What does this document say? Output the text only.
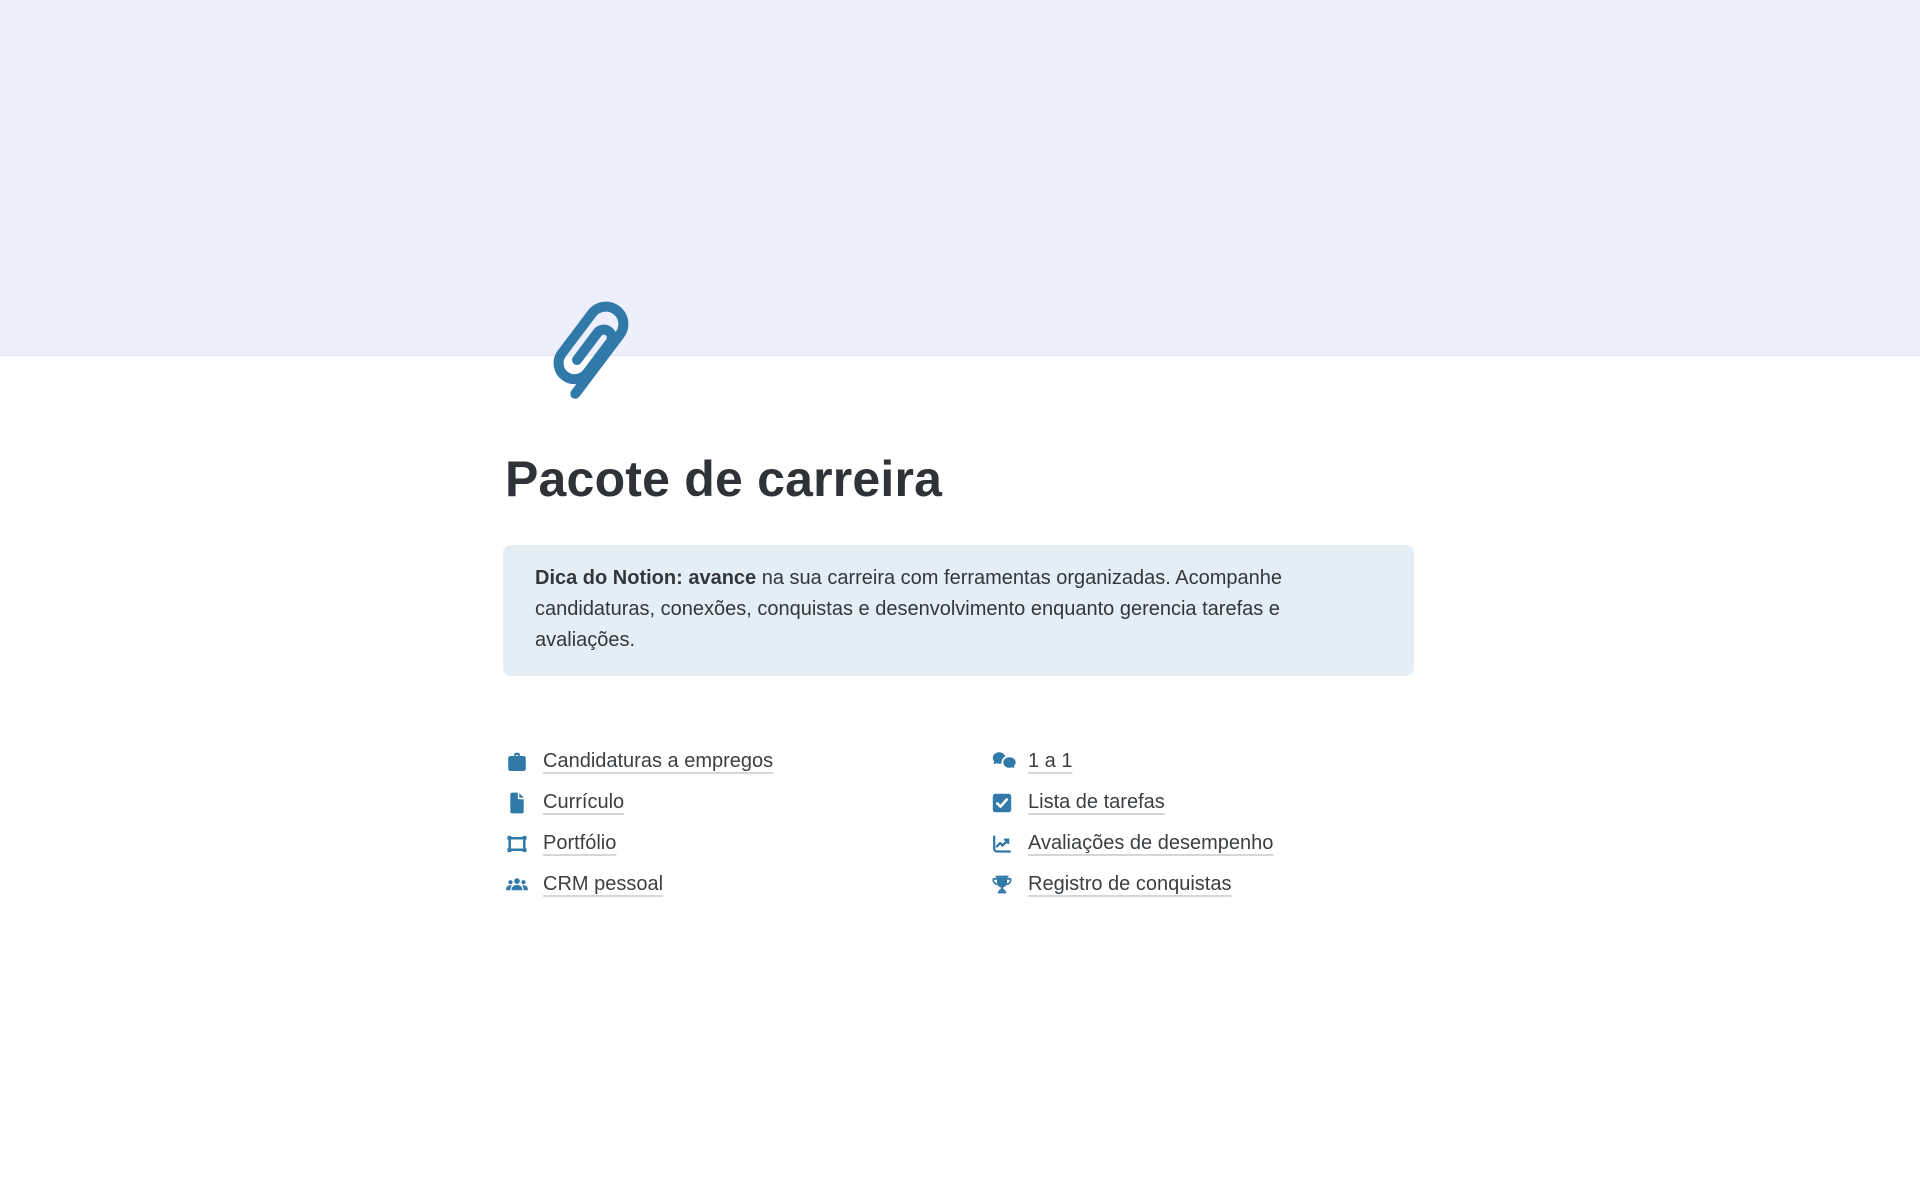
Pacote de carreira

Dica do Notion: avance na sua carreira com ferramentas organizadas. Acompanhe candidaturas, conexões, conquistas e desenvolvimento enquanto gerencia tarefas e avaliações.

Candidaturas a empregos
Currículo
Portfólio
CRM pessoal
1 a 1
Lista de tarefas
Avaliações de desempenho
Registro de conquistas
